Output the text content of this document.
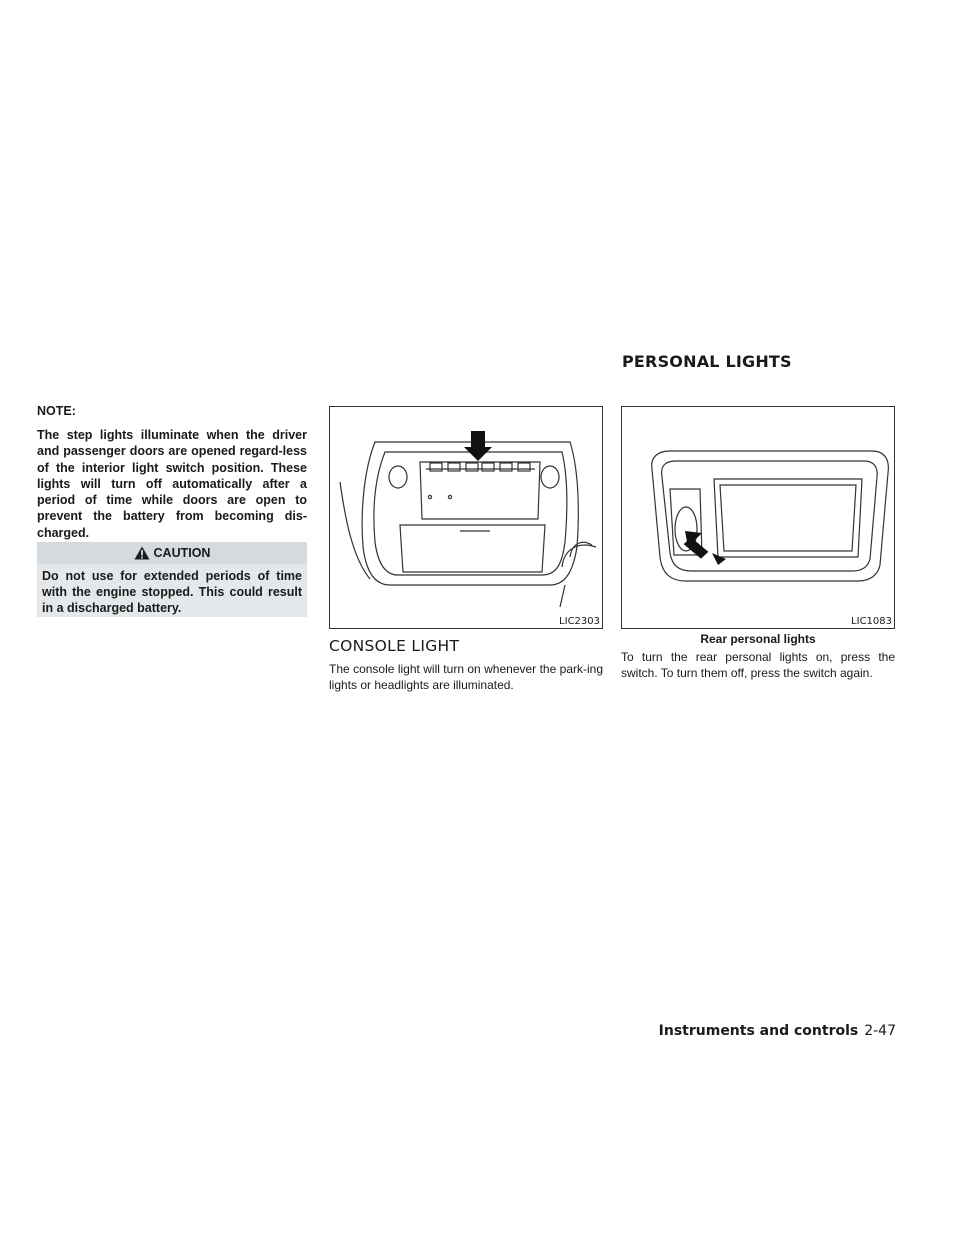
PERSONAL LIGHTS
NOTE:
The step lights illuminate when the driver and passenger doors are opened regard-less of the interior light switch position. These lights will turn off automatically after a period of time while doors are open to prevent the battery from becoming dis-charged.
CAUTION
Do not use for extended periods of time with the engine stopped. This could result in a discharged battery.
LIC2303
CONSOLE LIGHT
The console light will turn on whenever the park-ing lights or headlights are illuminated.
LIC1083
Rear personal lights
To turn the rear personal lights on, press the switch. To turn them off, press the switch again.
Instruments and controls 2-47
